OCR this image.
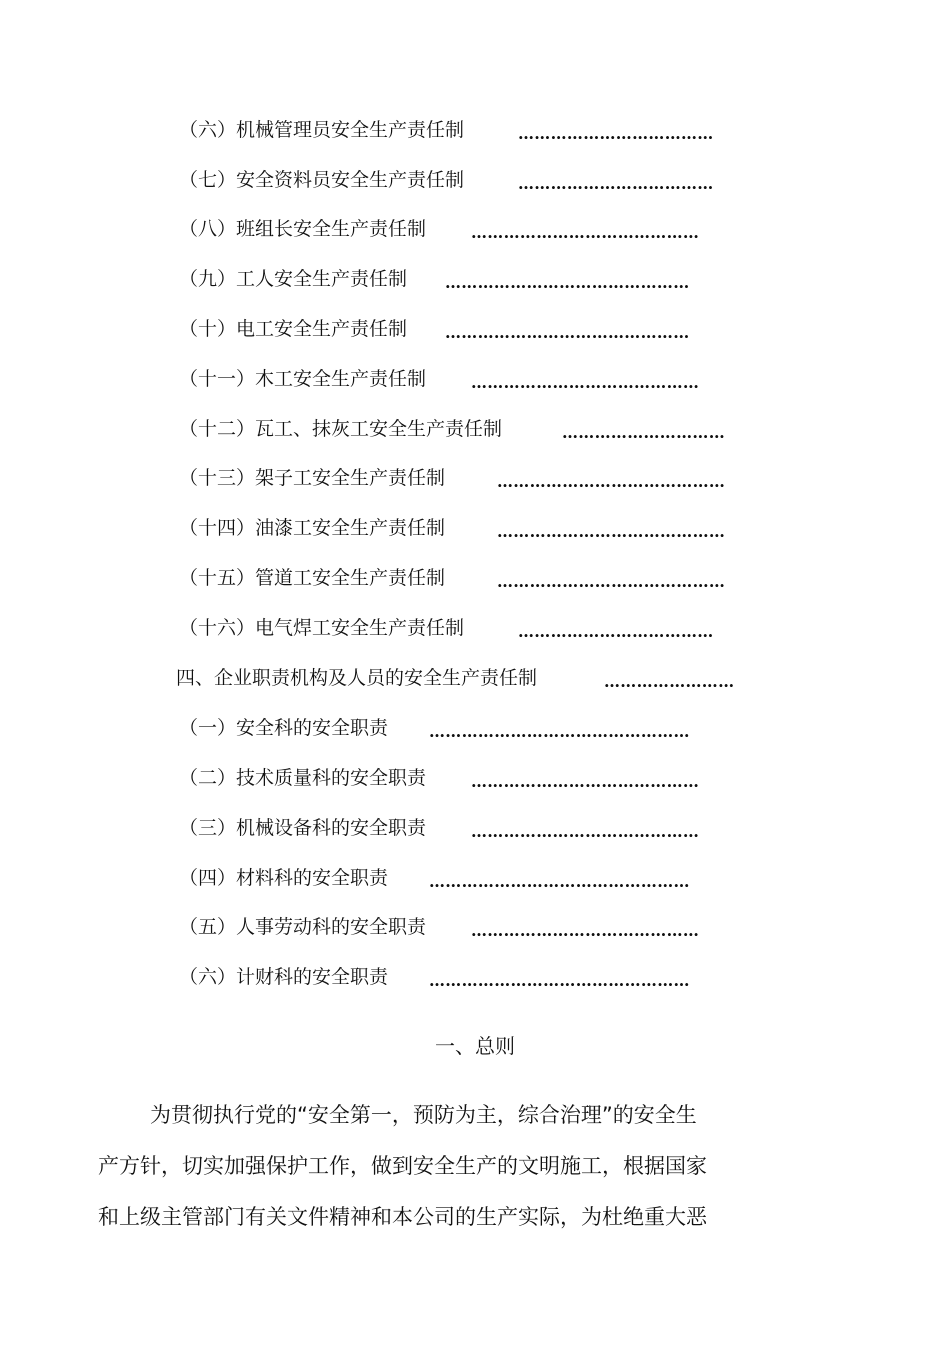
（六）机械管理员安全生产责任制	………………………………
（七）安全资料员安全生产责任制	………………………………
（八）班组长安全生产责任制	……………………………………
（九）工人安全生产责任制 ………………………………………
（十）电工安全生产责任制 ………………………………………
（十一）木工安全生产责任制	……………………………………
（十二）瓦工、抹灰工安全生产责任制	…………………………
（十三）架子工安全生产责任制	……………………………………
（十四）油漆工安全生产责任制	……………………………………
（十五）管道工安全生产责任制	……………………………………
（十六）电气焊工安全生产责任制	………………………………
四、企业职责机构及人员的安全生产责任制	……………………
（一）安全科的安全职责	…………………………………………
（二）技术质量科的安全职责	……………………………………
（三）机械设备科的安全职责	……………………………………
（四）材料科的安全职责	…………………………………………
（五）人事劳动科的安全职责	……………………………………
（六）计财科的安全职责	…………………………………………
一、总则
为贯彻执行党的“安全第一，预防为主，综合治理”的安全生
产方针，切实加强保护工作，做到安全生产的文明施工，根据国家
和上级主管部门有关文件精神和本公司的生产实际，为杜绝重大恶
